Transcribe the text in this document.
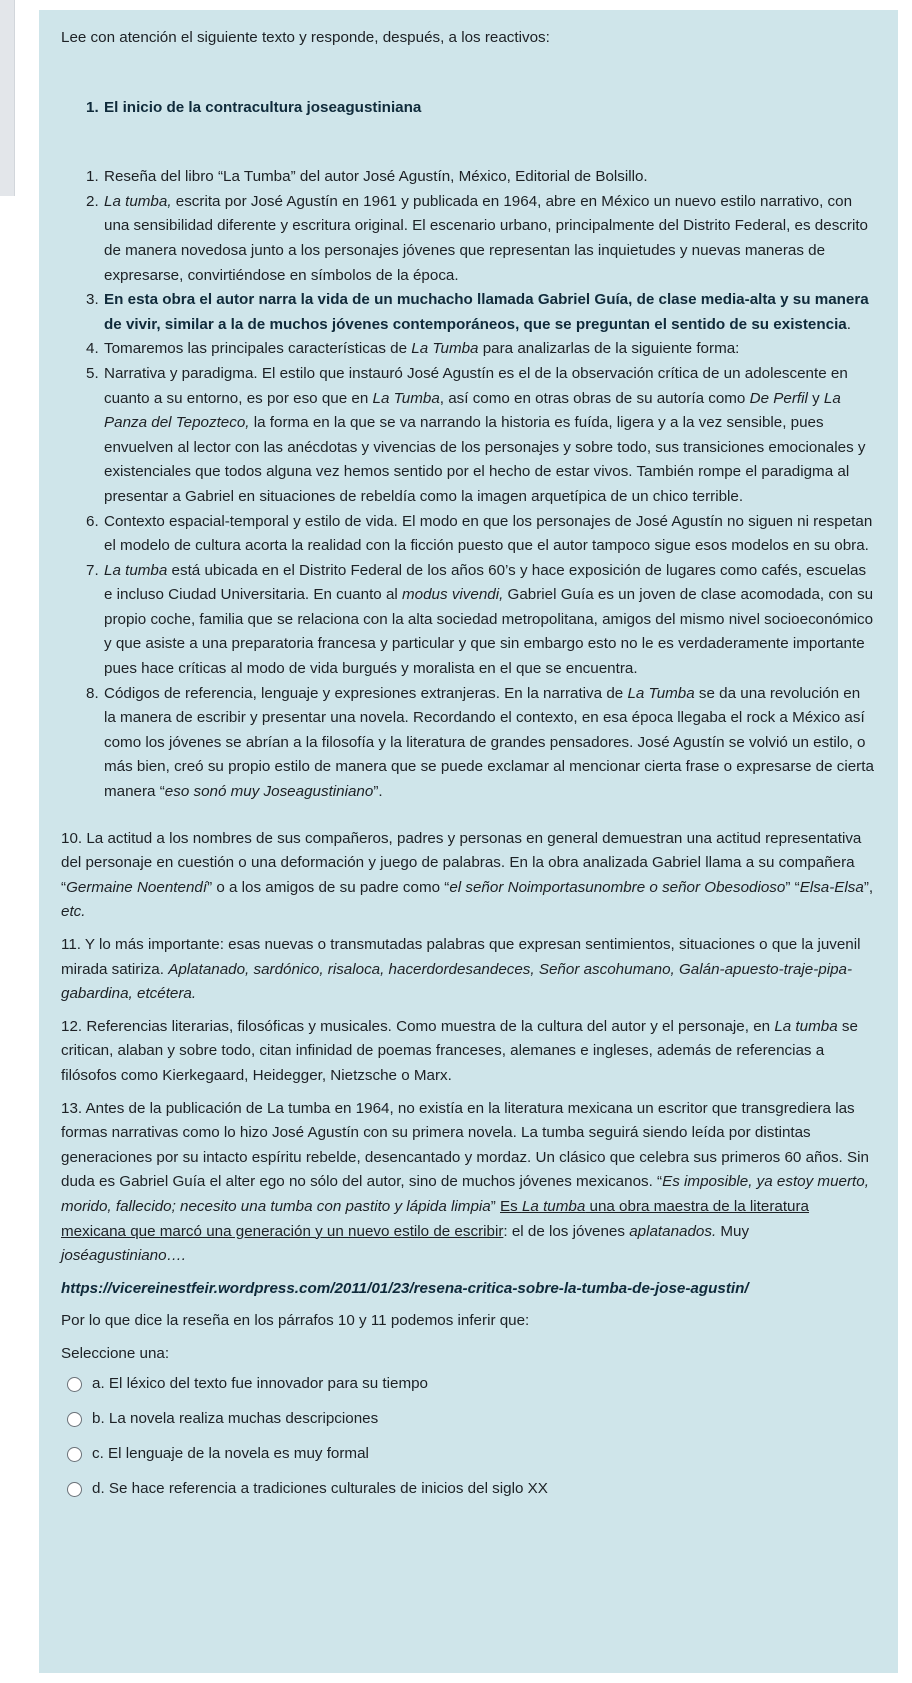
Lee con atención el siguiente texto y responde, después, a los reactivos:

1. El inicio de la contracultura joseagustiniana
1. Reseña del libro “La Tumba” del autor José Agustín, México, Editorial de Bolsillo.
2. La tumba, escrita por José Agustín en 1961 y publicada en 1964, abre en México un nuevo estilo narrativo, con una sensibilidad diferente y escritura original. El escenario urbano, principalmente del Distrito Federal, es descrito de manera novedosa junto a los personajes jóvenes que representan las inquietudes y nuevas maneras de expresarse, convirtiéndose en símbolos de la época.
3. En esta obra el autor narra la vida de un muchacho llamada Gabriel Guía, de clase media-alta y su manera de vivir, similar a la de muchos jóvenes contemporáneos, que se preguntan el sentido de su existencia.
4. Tomaremos las principales características de La Tumba para analizarlas de la siguiente forma:
5. Narrativa y paradigma. El estilo que instauró José Agustín es el de la observación crítica de un adolescente en cuanto a su entorno, es por eso que en La Tumba, así como en otras obras de su autoría como De Perfil y La Panza del Tepozteco, la forma en la que se va narrando la historia es fuída, ligera y a la vez sensible, pues envuelven al lector con las anécdotas y vivencias de los personajes y sobre todo, sus transiciones emocionales y existenciales que todos alguna vez hemos sentido por el hecho de estar vivos. También rompe el paradigma al presentar a Gabriel en situaciones de rebeldía como la imagen arquetípica de un chico terrible.
6. Contexto espacial-temporal y estilo de vida. El modo en que los personajes de José Agustín no siguen ni respetan el modelo de cultura acorta la realidad con la ficción puesto que el autor tampoco sigue esos modelos en su obra.
7. La tumba está ubicada en el Distrito Federal de los años 60’s y hace exposición de lugares como cafés, escuelas e incluso Ciudad Universitaria. En cuanto al modus vivendi, Gabriel Guía es un joven de clase acomodada, con su propio coche, familia que se relaciona con la alta sociedad metropolitana, amigos del mismo nivel socioeconómico y que asiste a una preparatoria francesa y particular y que sin embargo esto no le es verdaderamente importante pues hace críticas al modo de vida burgués y moralista en el que se encuentra.
8. Códigos de referencia, lenguaje y expresiones extranjeras. En la narrativa de La Tumba se da una revolución en la manera de escribir y presentar una novela. Recordando el contexto, en esa época llegaba el rock a México así como los jóvenes se abrían a la filosofía y la literatura de grandes pensadores. José Agustín se volvió un estilo, o más bien, creó su propio estilo de manera que se puede exclamar al mencionar cierta frase o expresarse de cierta manera “eso sonó muy Joseagustiniano”.

10. La actitud a los nombres de sus compañeros, padres y personas en general demuestran una actitud representativa del personaje en cuestión o una deformación y juego de palabras. En la obra analizada Gabriel llama a su compañera “Germaine Noentendí” o a los amigos de su padre como “el señor Noimportasunombre o señor Obesodioso” “Elsa-Elsa”, etc.

11. Y lo más importante: esas nuevas o transmutadas palabras que expresan sentimientos, situaciones o que la juvenil mirada satiriza. Aplatanado, sardónico, risaloca, hacerdordesandeces, Señor ascohumano, Galán-apuesto-traje-pipa-gabardina, etcétera.

12. Referencias literarias, filosóficas y musicales. Como muestra de la cultura del autor y el personaje, en La tumba se critican, alaban y sobre todo, citan infinidad de poemas franceses, alemanes e ingleses, además de referencias a filósofos como Kierkegaard, Heidegger, Nietzsche o Marx.

13. Antes de la publicación de La tumba en 1964, no existía en la literatura mexicana un escritor que transgrediera las formas narrativas como lo hizo José Agustín con su primera novela. La tumba seguirá siendo leída por distintas generaciones por su intacto espíritu rebelde, desencantado y mordaz. Un clásico que celebra sus primeros 60 años. Sin duda es Gabriel Guía el alter ego no sólo del autor, sino de muchos jóvenes mexicanos. “Es imposible, ya estoy muerto, morido, fallecido; necesito una tumba con pastito y lápida limpia” Es La tumba una obra maestra de la literatura mexicana que marcó una generación y un nuevo estilo de escribir: el de los jóvenes aplatanados. Muy joséagustiniano….

https://vicereinestfeir.wordpress.com/2011/01/23/resena-critica-sobre-la-tumba-de-jose-agustin/

Por lo que dice la reseña en los párrafos 10 y 11 podemos inferir que:

Seleccione una:

a. El léxico del texto fue innovador para su tiempo
b. La novela realiza muchas descripciones
c. El lenguaje de la novela es muy formal
d. Se hace referencia a tradiciones culturales de inicios del siglo XX
